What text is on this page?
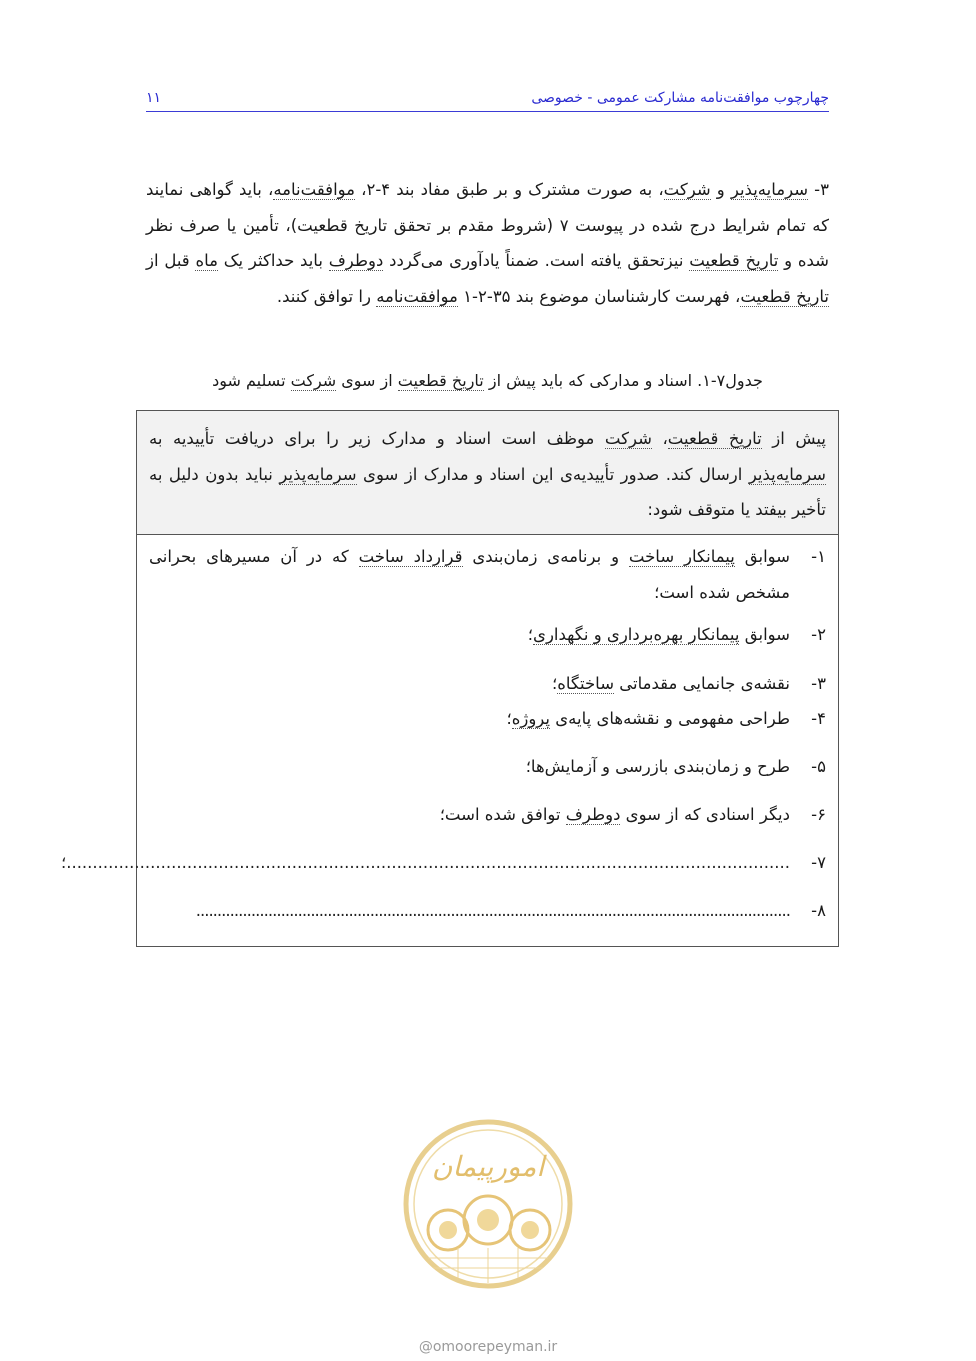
چهارچوب موافقت‌نامه مشارکت عمومی - خصوصی
۱۱
۳- سرمایه‌پذیر و شرکت، به صورت مشترک و بر طبق مفاد بند ۴-۲، موافقت‌نامه، باید گواهی نمایند که تمام شرایط درج شده در پیوست ۷ (شروط مقدم بر تحقق تاریخ قطعیت)، تأمین یا صرف نظر شده و تاریخ قطعیت نیزتحقق یافته است. ضمناً یادآوری می‌گردد دوطرف باید حداکثر یک ماه قبل از تاریخ قطعیت، فهرست کارشناسان موضوع بند ۳۵-۲-۱ موافقت‌نامه را توافق کنند.
جدول۷-۱. اسناد و مدارکی که باید پیش از تاریخ قطعیت از سوی شرکت تسلیم شود
پیش از تاریخ قطعیت، شرکت موظف است اسناد و مدارک زیر را برای دریافت تأییدیه به سرمایه‌پذیر ارسال کند. صدور تأییدیه‌ی این اسناد و مدارک از سوی سرمایه‌پذیر نباید بدون دلیل به تأخیر بیفتد یا متوقف شود:
۱-
سوابق پیمانکار ساخت و برنامه‌ی زمان‌بندی قرارداد ساخت که در آن مسیرهای بحرانی مشخص شده است؛
۲-
سوابق پیمانکار بهره‌برداری و نگهداری؛
۳-
نقشه‌ی جانمایی مقدماتی ساختگاه؛
۴-
طراحی مفهومی و نقشه‌های پایه‌ی پروژه؛
۵-
طرح و زمان‌بندی بازرسی و آزمایش‌ها؛
۶-
دیگر اسنادی که از سوی دوطرف توافق شده است؛
۷-
..........................................................................................................................................؛
۸-
............................................................................................................................................
امورپیمان
@omoorepeyman.ir
